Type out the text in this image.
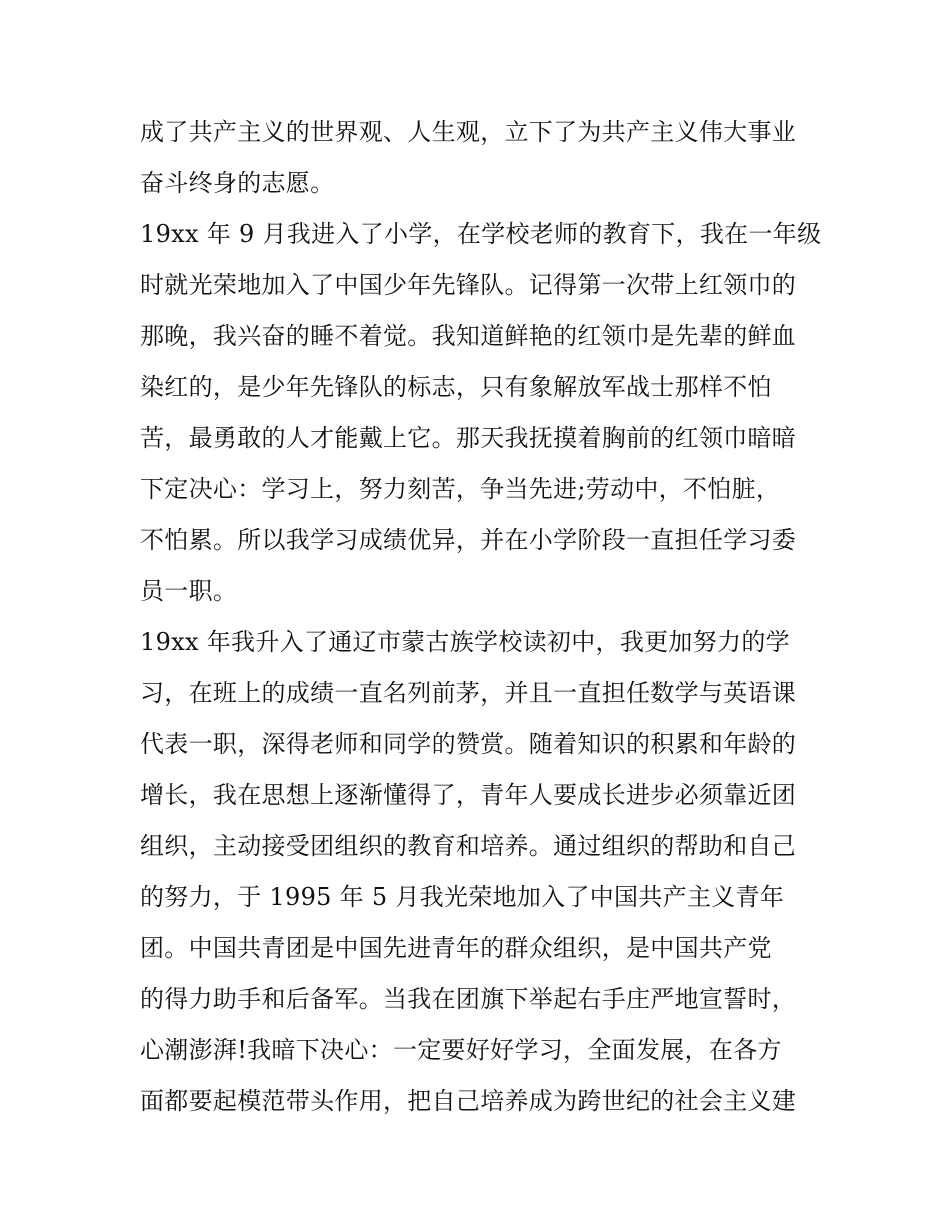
成了共产主义的世界观、人生观，立下了为共产主义伟大事业
奋斗终身的志愿。
19xx 年 9 月我进入了小学，在学校老师的教育下，我在一年级
时就光荣地加入了中国少年先锋队。记得第一次带上红领巾的
那晚，我兴奋的睡不着觉。我知道鲜艳的红领巾是先辈的鲜血
染红的，是少年先锋队的标志，只有象解放军战士那样不怕
苦，最勇敢的人才能戴上它。那天我抚摸着胸前的红领巾暗暗
下定决心：学习上，努力刻苦，争当先进;劳动中，不怕脏，
不怕累。所以我学习成绩优异，并在小学阶段一直担任学习委
员一职。
19xx 年我升入了通辽市蒙古族学校读初中，我更加努力的学
习，在班上的成绩一直名列前茅，并且一直担任数学与英语课
代表一职，深得老师和同学的赞赏。随着知识的积累和年龄的
增长，我在思想上逐渐懂得了，青年人要成长进步必须靠近团
组织，主动接受团组织的教育和培养。通过组织的帮助和自己
的努力，于 1995 年 5 月我光荣地加入了中国共产主义青年
团。中国共青团是中国先进青年的群众组织，是中国共产党
的得力助手和后备军。当我在团旗下举起右手庄严地宣誓时，
心潮澎湃!我暗下决心：一定要好好学习，全面发展，在各方
面都要起模范带头作用，把自己培养成为跨世纪的社会主义建
